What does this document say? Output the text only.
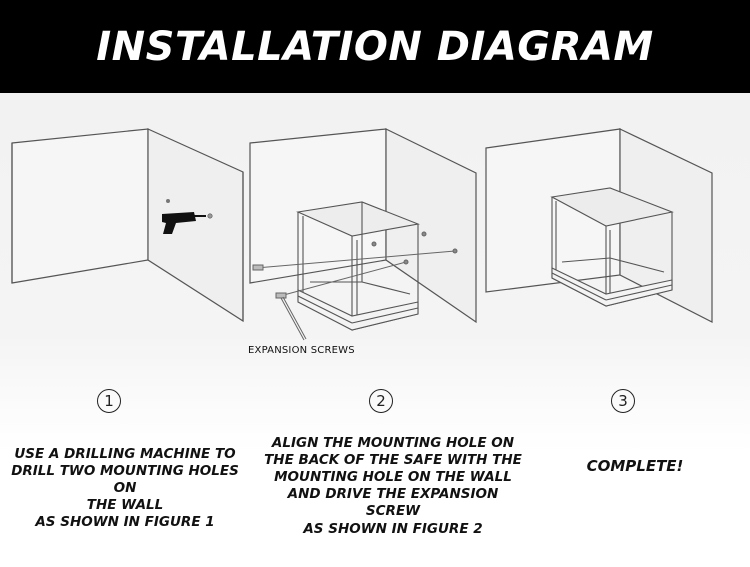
INSTALLATION DIAGRAM
EXPANSION SCREWS
1
USE A DRILLING MACHINE TO
DRILL TWO MOUNTING HOLES ON
THE WALL
AS SHOWN IN FIGURE 1
2
ALIGN THE MOUNTING HOLE ON
THE BACK OF THE SAFE WITH THE
MOUNTING HOLE ON THE WALL
AND DRIVE THE EXPANSION SCREW
AS SHOWN IN FIGURE 2
3
COMPLETE!
